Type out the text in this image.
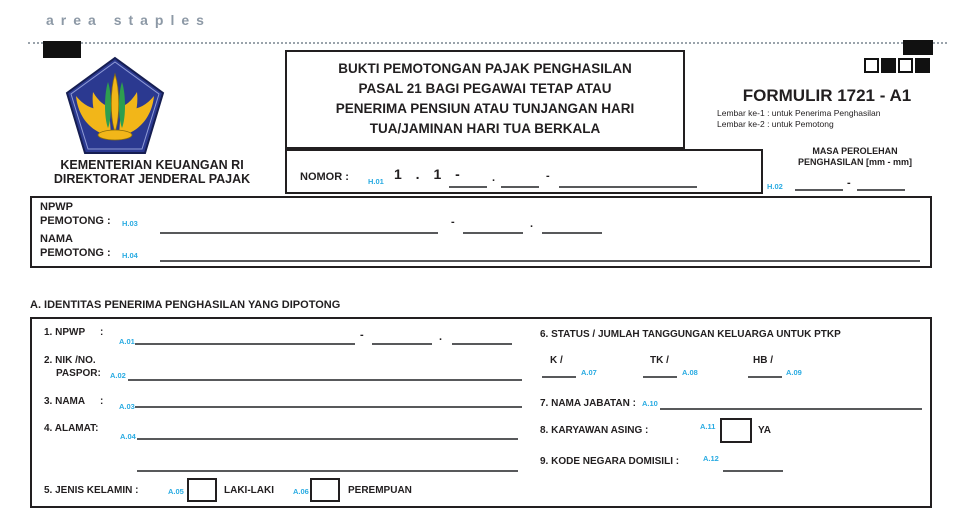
area staples
KEMENTERIAN KEUANGAN RI
DIREKTORAT JENDERAL PAJAK
BUKTI PEMOTONGAN PAJAK PENGHASILAN
PASAL 21 BAGI PEGAWAI TETAP ATAU
PENERIMA PENSIUN ATAU TUNJANGAN HARI
TUA/JAMINAN HARI TUA BERKALA
FORMULIR 1721 - A1
Lembar ke-1 : untuk Penerima Penghasilan
Lembar ke-2 : untuk Pemotong
MASA PEROLEHAN
PENGHASILAN [mm - mm]
H.02	-
NOMOR :	H.01 1 . 1 - .	-
NPWP
PEMOTONG : H.03	-	.
NAMA
PEMOTONG : H.04
A. IDENTITAS PENERIMA PENGHASILAN YANG DIPOTONG
1. NPWP :
A.01
-	.
2. NIK /NO.
PASPOR: A.02
3. NAMA : A.03
4. ALAMAT:
A.04
5. JENIS KELAMIN :	A.05	LAKI-LAKI	A.06	PEREMPUAN
6. STATUS / JUMLAH TANGGUNGAN KELUARGA UNTUK PTKP
K /
A.07
TK /
A.08
HB /
A.09
7. NAMA JABATAN : A.10
8. KARYAWAN ASING :	A.11	YA
9. KODE NEGARA DOMISILI :	A.12
